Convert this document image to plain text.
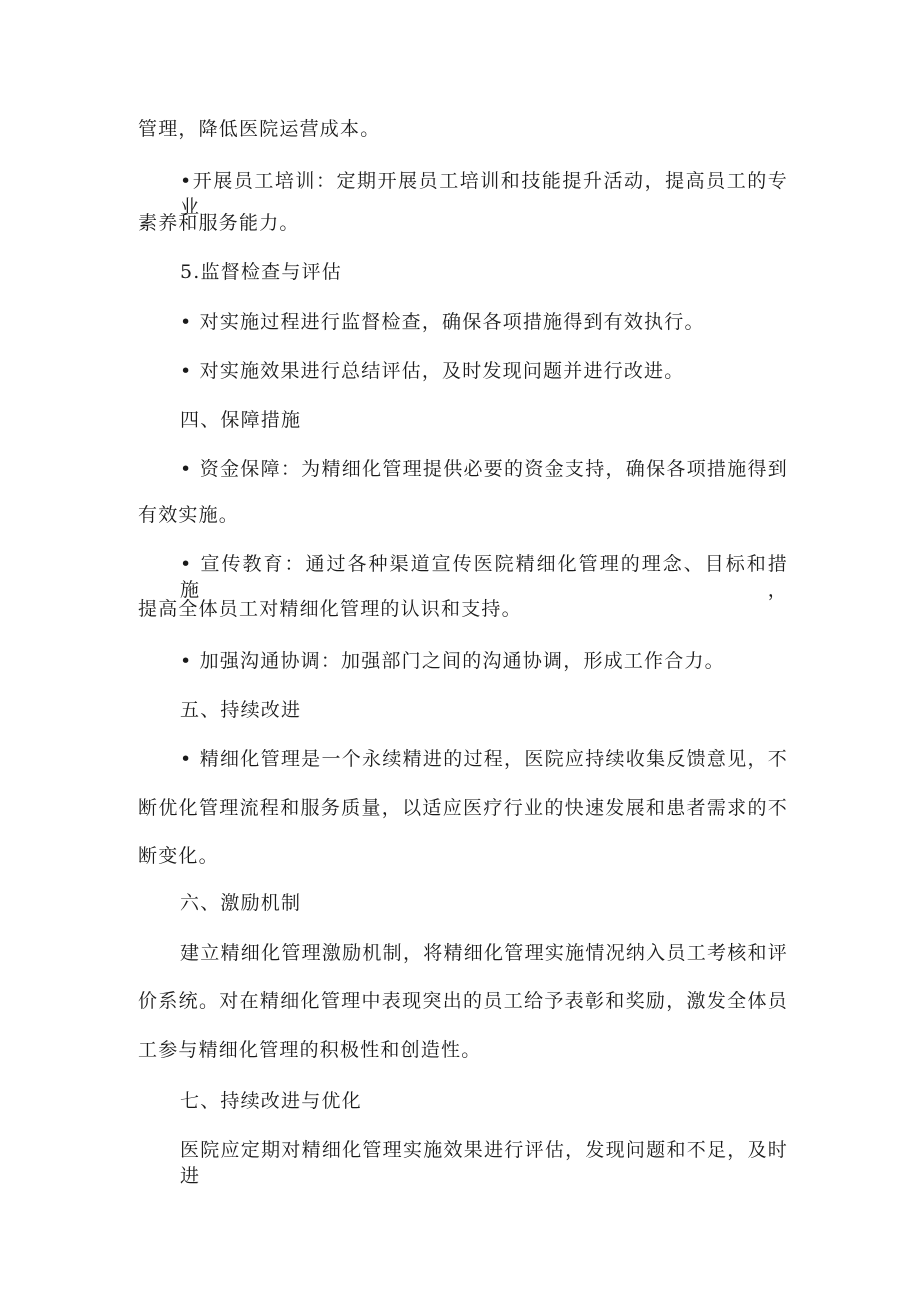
管理，降低医院运营成本。
•开展员工培训：定期开展员工培训和技能提升活动，提高员工的专业
素养和服务能力。
5.监督检查与评估
• 对实施过程进行监督检查，确保各项措施得到有效执行。
• 对实施效果进行总结评估，及时发现问题并进行改进。
四、保障措施
• 资金保障：为精细化管理提供必要的资金支持，确保各项措施得到
有效实施。
• 宣传教育：通过各种渠道宣传医院精细化管理的理念、目标和措施，
提高全体员工对精细化管理的认识和支持。
• 加强沟通协调：加强部门之间的沟通协调，形成工作合力。
五、持续改进
• 精细化管理是一个永续精进的过程，医院应持续收集反馈意见，不
断优化管理流程和服务质量，以适应医疗行业的快速发展和患者需求的不
断变化。
六、激励机制
建立精细化管理激励机制，将精细化管理实施情况纳入员工考核和评
价系统。对在精细化管理中表现突出的员工给予表彰和奖励，激发全体员
工参与精细化管理的积极性和创造性。
七、持续改进与优化
医院应定期对精细化管理实施效果进行评估，发现问题和不足，及时进
